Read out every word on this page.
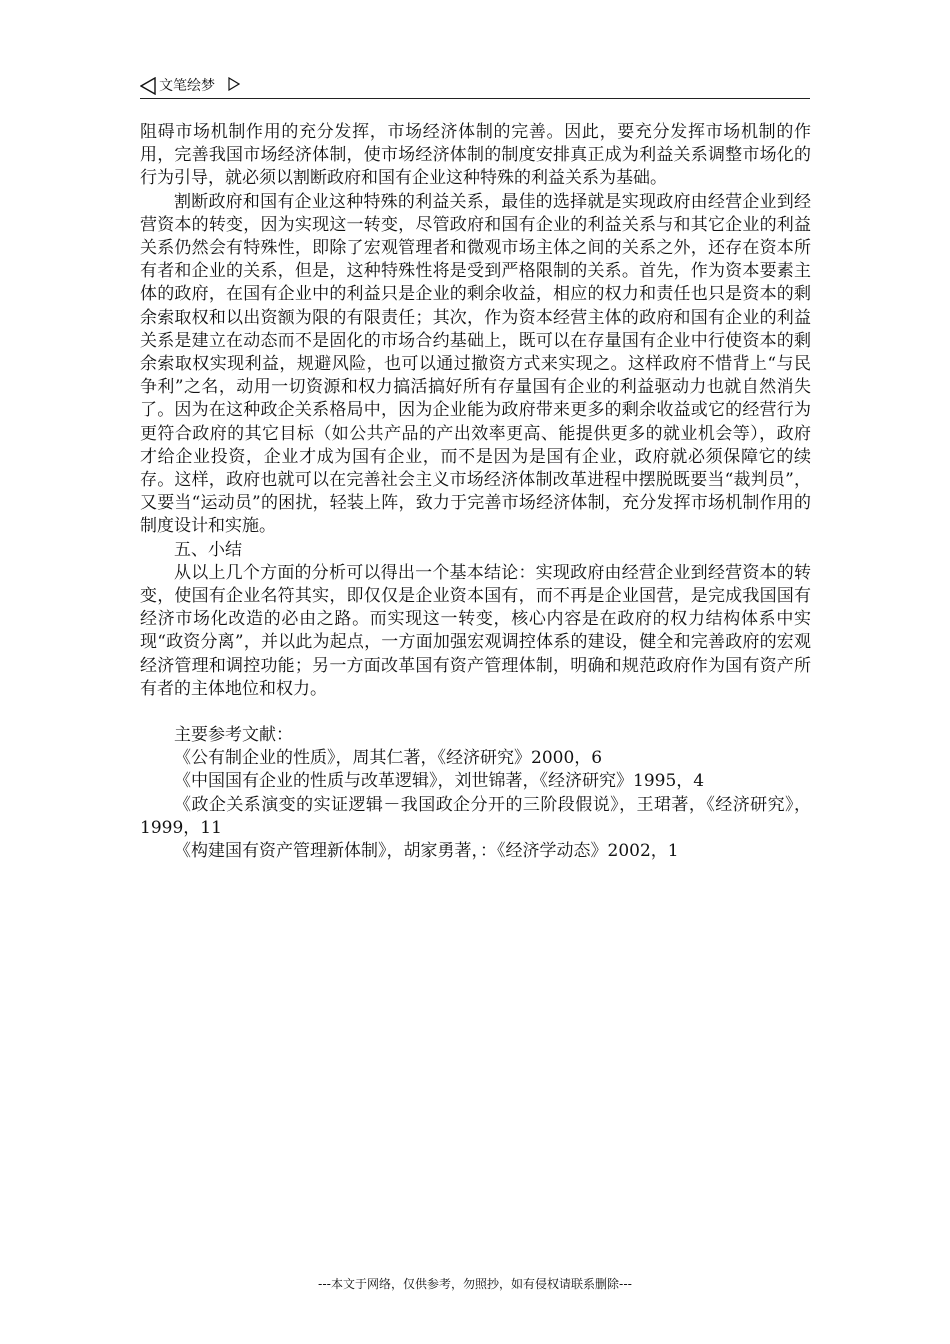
文笔绘梦

阻碍市场机制作用的充分发挥，市场经济体制的完善。因此，要充分发挥市场机制的作用，完善我国市场经济体制，使市场经济体制的制度安排真正成为利益关系调整市场化的行为引导，就必须以割断政府和国有企业这种特殊的利益关系为基础。

割断政府和国有企业这种特殊的利益关系，最佳的选择就是实现政府由经营企业到经营资本的转变，因为实现这一转变，尽管政府和国有企业的利益关系与和其它企业的利益关系仍然会有特殊性，即除了宏观管理者和微观市场主体之间的关系之外，还存在资本所有者和企业的关系，但是，这种特殊性将是受到严格限制的关系。首先，作为资本要素主体的政府，在国有企业中的利益只是企业的剩余收益，相应的权力和责任也只是资本的剩余索取权和以出资额为限的有限责任；其次，作为资本经营主体的政府和国有企业的利益关系是建立在动态而不是固化的市场合约基础上，既可以在存量国有企业中行使资本的剩余索取权实现利益，规避风险，也可以通过撤资方式来实现之。这样政府不惜背上“与民争利”之名，动用一切资源和权力搞活搞好所有存量国有企业的利益驱动力也就自然消失了。因为在这种政企关系格局中，因为企业能为政府带来更多的剩余收益或它的经营行为更符合政府的其它目标（如公共产品的产出效率更高、能提供更多的就业机会等），政府才给企业投资，企业才成为国有企业，而不是因为是国有企业，政府就必须保障它的续存。这样，政府也就可以在完善社会主义市场经济体制改革进程中摆脱既要当“裁判员”，又要当“运动员”的困扰，轻装上阵，致力于完善市场经济体制，充分发挥市场机制作用的制度设计和实施。

五、小结

从以上几个方面的分析可以得出一个基本结论：实现政府由经营企业到经营资本的转变，使国有企业名符其实，即仅仅是企业资本国有，而不再是企业国营，是完成我国国有经济市场化改造的必由之路。而实现这一转变，核心内容是在政府的权力结构体系中实现“政资分离”，并以此为起点，一方面加强宏观调控体系的建设，健全和完善政府的宏观经济管理和调控功能；另一方面改革国有资产管理体制，明确和规范政府作为国有资产所有者的主体地位和权力。

主要参考文献：

《公有制企业的性质》，周其仁著，《经济研究》2000，6

《中国国有企业的性质与改革逻辑》，刘世锦著，《经济研究》1995，4

《政企关系演变的实证逻辑－我国政企分开的三阶段假说》，王珺著，《经济研究》，1999，11

《构建国有资产管理新体制》，胡家勇著，：《经济学动态》2002，1

---本文于网络，仅供参考，勿照抄，如有侵权请联系删除---
